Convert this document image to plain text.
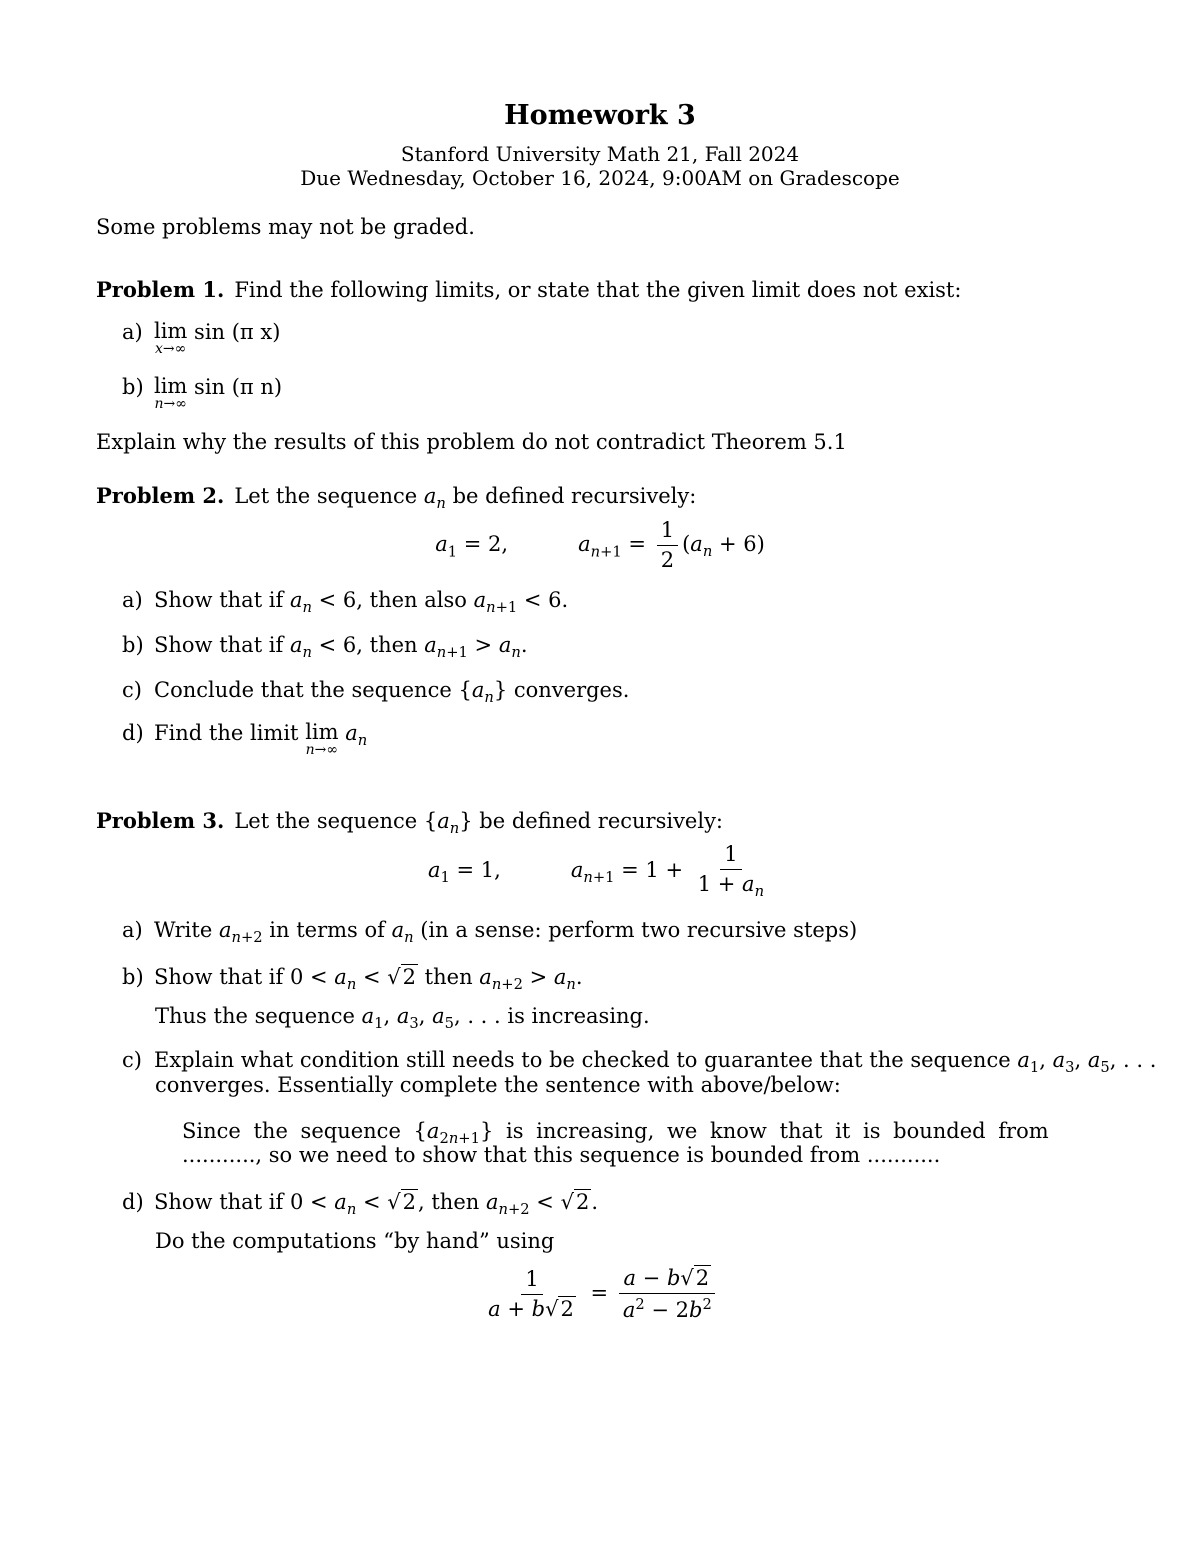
Homework 3
Stanford University Math 21, Fall 2024
Due Wednesday, October 16, 2024, 9:00AM on Gradescope
Some problems may not be graded.
Problem 1. Find the following limits, or state that the given limit does not exist:
a) lim
x→∞
sin (π x)
b) lim
n→∞
sin (π n)
Explain why the results of this problem do not contradict Theorem 5.1
Problem 2. Let the sequence $a_n$ be defined recursively:
$a_1 = 2$,	$a_{n+1} = \frac{1}{2} (a_n + 6)$
a) Show that if $a_n < 6$, then also $a_{n+1} < 6$.
b) Show that if $a_n < 6$, then $a_{n+1} > a_n$.
c) Conclude that the sequence $\{a_n\}$ converges.
d) Find the limit lim
n→∞
$a_n$
Problem 3. Let the sequence $\{a_n\}$ be defined recursively:
$a_1 = 1$,	$a_{n+1} = 1 + \frac{1}{1 + a_n}$
a) Write $a_{n+2}$ in terms of $a_n$ (in a sense: perform two recursive steps)
b) Show that if $0 < a_n < √2$ then $a_{n+2} > a_n$.
Thus the sequence $a_1$, $a_3$, $a_5$, . . . is increasing.
c) Explain what condition still needs to be checked to guarantee that the sequence $a_1$, $a_3$, $a_5$, . . .
converges. Essentially complete the sentence with above/below:
Since the sequence $\{a_{2n+1}\}$ is increasing, we know that it is bounded from
..........., so we need to show that this sequence is bounded from ...........
d) Show that if $0 < a_n < √2$, then $a_{n+2} < √2$.
Do the computations “by hand” using
$\frac{1}{a + b√2} = \frac{a - b√2}{a^2 - 2b^2}$
